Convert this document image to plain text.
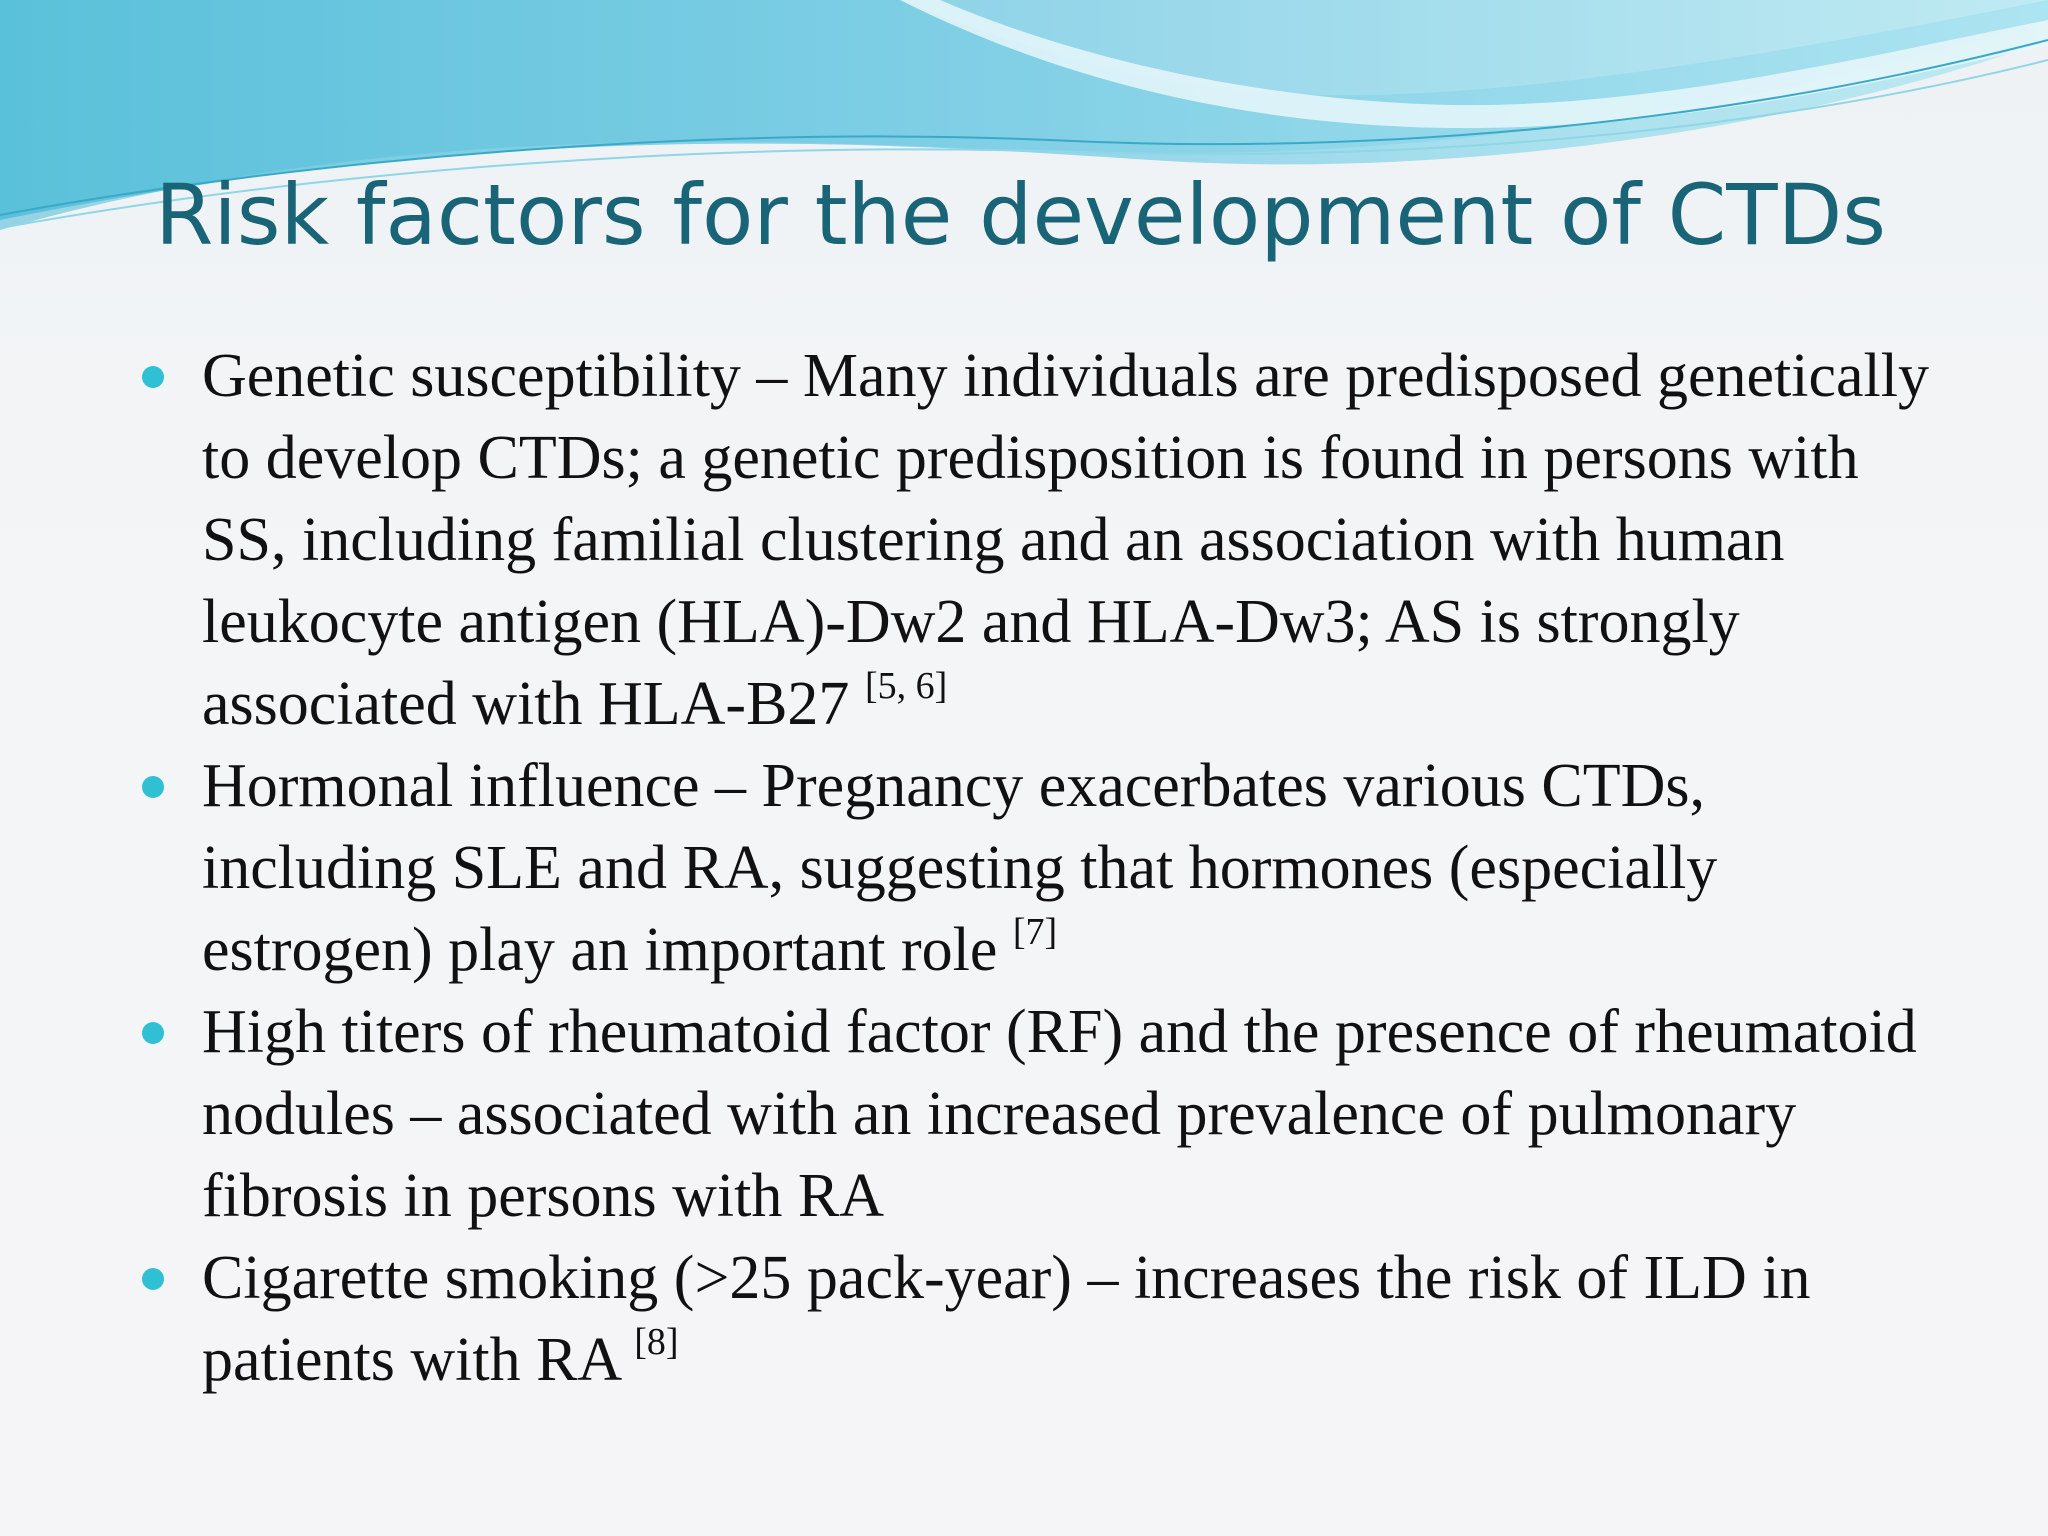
Risk factors for the development of CTDs
Genetic susceptibility – Many individuals are predisposed genetically to develop CTDs; a genetic predisposition is found in persons with SS, including familial clustering and an association with human leukocyte antigen (HLA)-Dw2 and HLA-Dw3; AS is strongly associated with HLA-B27 [5, 6]
Hormonal influence – Pregnancy exacerbates various CTDs, including SLE and RA, suggesting that hormones (especially estrogen) play an important role [7]
High titers of rheumatoid factor (RF) and the presence of rheumatoid nodules – associated with an increased prevalence of pulmonary fibrosis in persons with RA
Cigarette smoking (>25 pack-year) – increases the risk of ILD in patients with RA [8]
